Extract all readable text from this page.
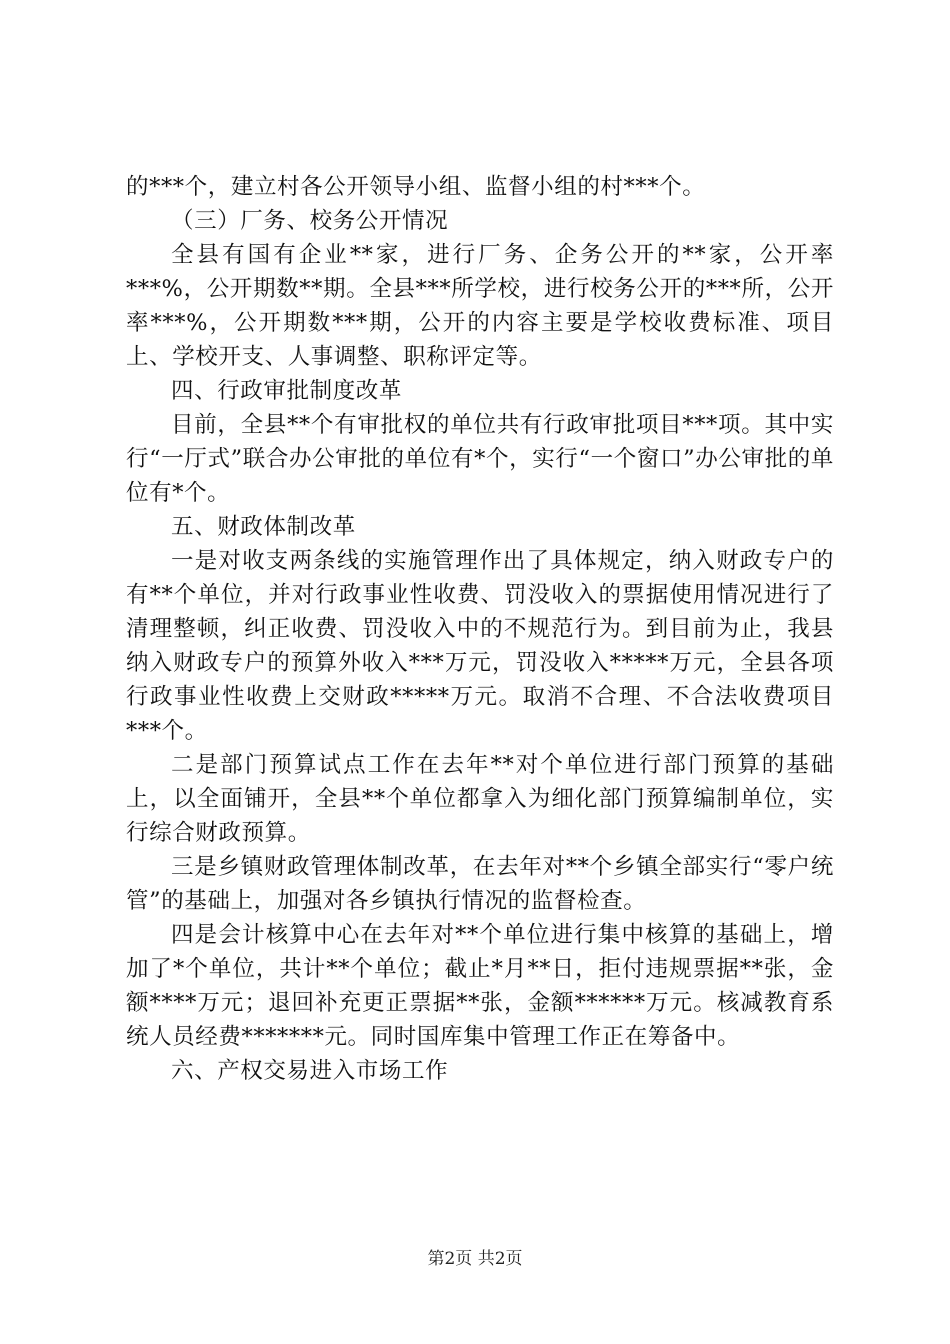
的***个，建立村各公开领导小组、监督小组的村***个。

（三）厂务、校务公开情况

全县有国有企业**家，进行厂务、企务公开的**家，公开率***%，公开期数**期。全县***所学校，进行校务公开的***所，公开率***%，公开期数***期，公开的内容主要是学校收费标准、项目上、学校开支、人事调整、职称评定等。

四、行政审批制度改革

目前，全县**个有审批权的单位共有行政审批项目***项。其中实行“一厅式”联合办公审批的单位有*个，实行“一个窗口”办公审批的单位有*个。

五、财政体制改革

一是对收支两条线的实施管理作出了具体规定，纳入财政专户的有**个单位，并对行政事业性收费、罚没收入的票据使用情况进行了清理整顿，纠正收费、罚没收入中的不规范行为。到目前为止，我县纳入财政专户的预算外收入***万元，罚没收入*****万元，全县各项行政事业性收费上交财政*****万元。取消不合理、不合法收费项目***个。

二是部门预算试点工作在去年**对个单位进行部门预算的基础上，以全面铺开，全县**个单位都拿入为细化部门预算编制单位，实行综合财政预算。

三是乡镇财政管理体制改革，在去年对**个乡镇全部实行“零户统管”的基础上，加强对各乡镇执行情况的监督检查。

四是会计核算中心在去年对**个单位进行集中核算的基础上，增加了*个单位，共计**个单位；截止*月**日，拒付违规票据**张，金额****万元；退回补充更正票据**张，金额******万元。核减教育系统人员经费*******元。同时国库集中管理工作正在筹备中。

六、产权交易进入市场工作

第2页 共2页
